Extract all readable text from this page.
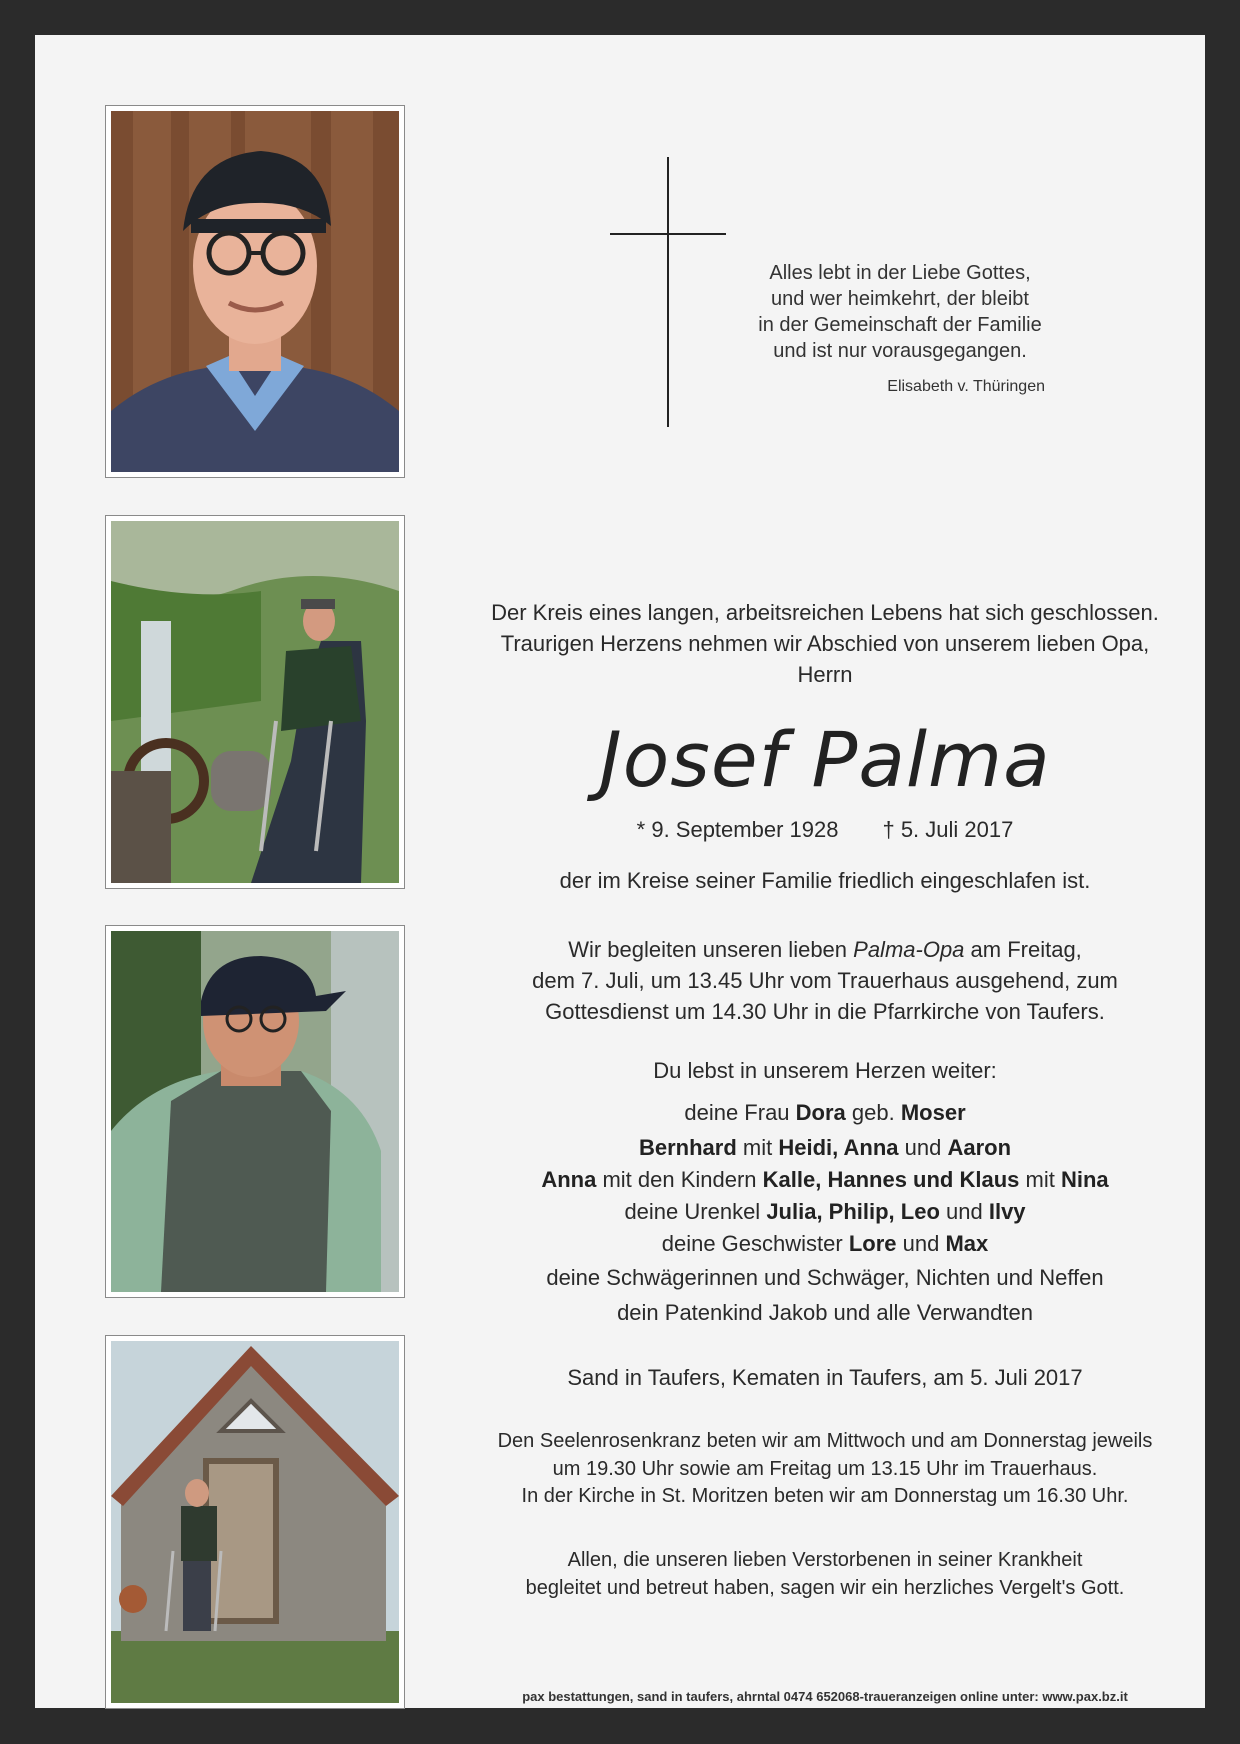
Alles lebt in der Liebe Gottes,
und wer heimkehrt, der bleibt
in der Gemeinschaft der Familie
und ist nur vorausgegangen.
Elisabeth v. Thüringen
Der Kreis eines langen, arbeitsreichen Lebens hat sich geschlossen.
Traurigen Herzens nehmen wir Abschied von unserem lieben Opa,
Herrn
Josef Palma
* 9. September 1928 † 5. Juli 2017
der im Kreise seiner Familie friedlich eingeschlafen ist.
Wir begleiten unseren lieben Palma-Opa am Freitag,
dem 7. Juli, um 13.45 Uhr vom Trauerhaus ausgehend, zum
Gottesdienst um 14.30 Uhr in die Pfarrkirche von Taufers.
Du lebst in unserem Herzen weiter:
deine Frau Dora geb. Moser
Bernhard mit Heidi, Anna und Aaron
Anna mit den Kindern Kalle, Hannes und Klaus mit Nina
deine Urenkel Julia, Philip, Leo und Ilvy
deine Geschwister Lore und Max
deine Schwägerinnen und Schwäger, Nichten und Neffen
dein Patenkind Jakob und alle Verwandten
Sand in Taufers, Kematen in Taufers, am 5. Juli 2017
Den Seelenrosenkranz beten wir am Mittwoch und am Donnerstag jeweils
um 19.30 Uhr sowie am Freitag um 13.15 Uhr im Trauerhaus.
In der Kirche in St. Moritzen beten wir am Donnerstag um 16.30 Uhr.
Allen, die unseren lieben Verstorbenen in seiner Krankheit
begleitet und betreut haben, sagen wir ein herzliches Vergelt's Gott.
pax bestattungen, sand in taufers, ahrntal 0474 652068-traueranzeigen online unter: www.pax.bz.it
